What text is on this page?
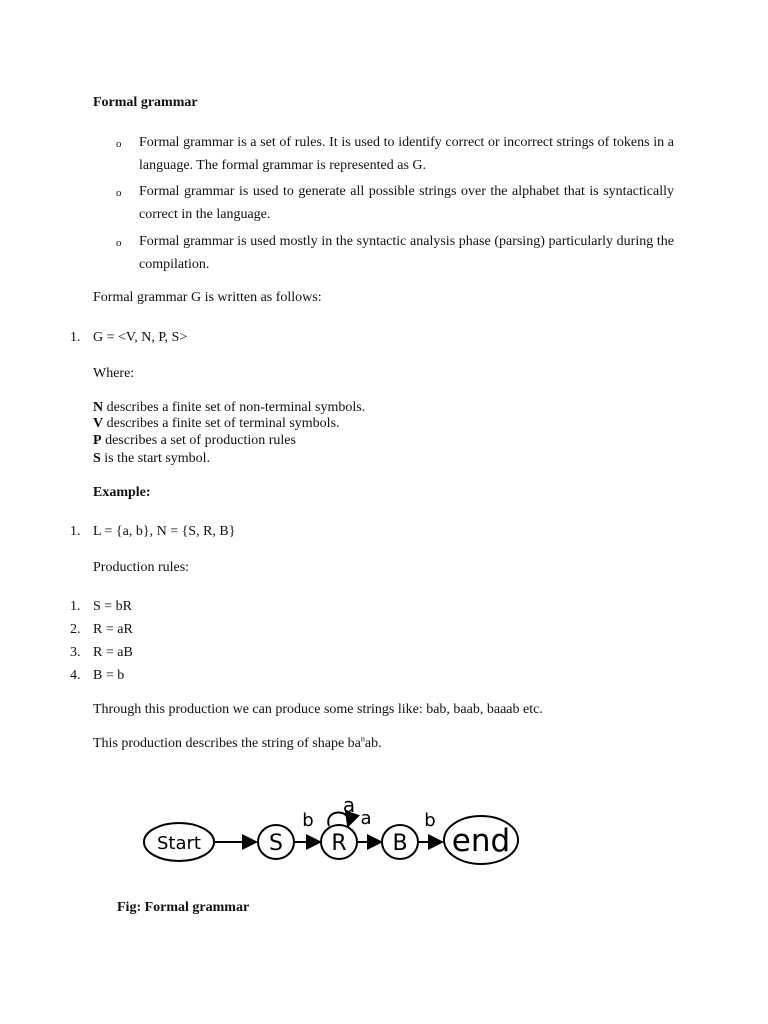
Formal grammar
o Formal grammar is a set of rules. It is used to identify correct or incorrect strings of tokens in a language. The formal grammar is represented as G.
o Formal grammar is used to generate all possible strings over the alphabet that is syntactically correct in the language.
o Formal grammar is used mostly in the syntactic analysis phase (parsing) particularly during the compilation.
Formal grammar G is written as follows:
1. G = <V, N, P, S>
Where:
N describes a finite set of non-terminal symbols.
V describes a finite set of terminal symbols.
P describes a set of production rules
S is the start symbol.
Example:
1. L = {a, b}, N = {S, R, B}
Production rules:
1. S = bR
2. R = aR
3. R = aB
4. B = b
Through this production we can produce some strings like: bab, baab, baaab etc.
This production describes the string of shape $ba^nab$.
Start	S R B end
b
a
a	b
Fig: Formal grammar
